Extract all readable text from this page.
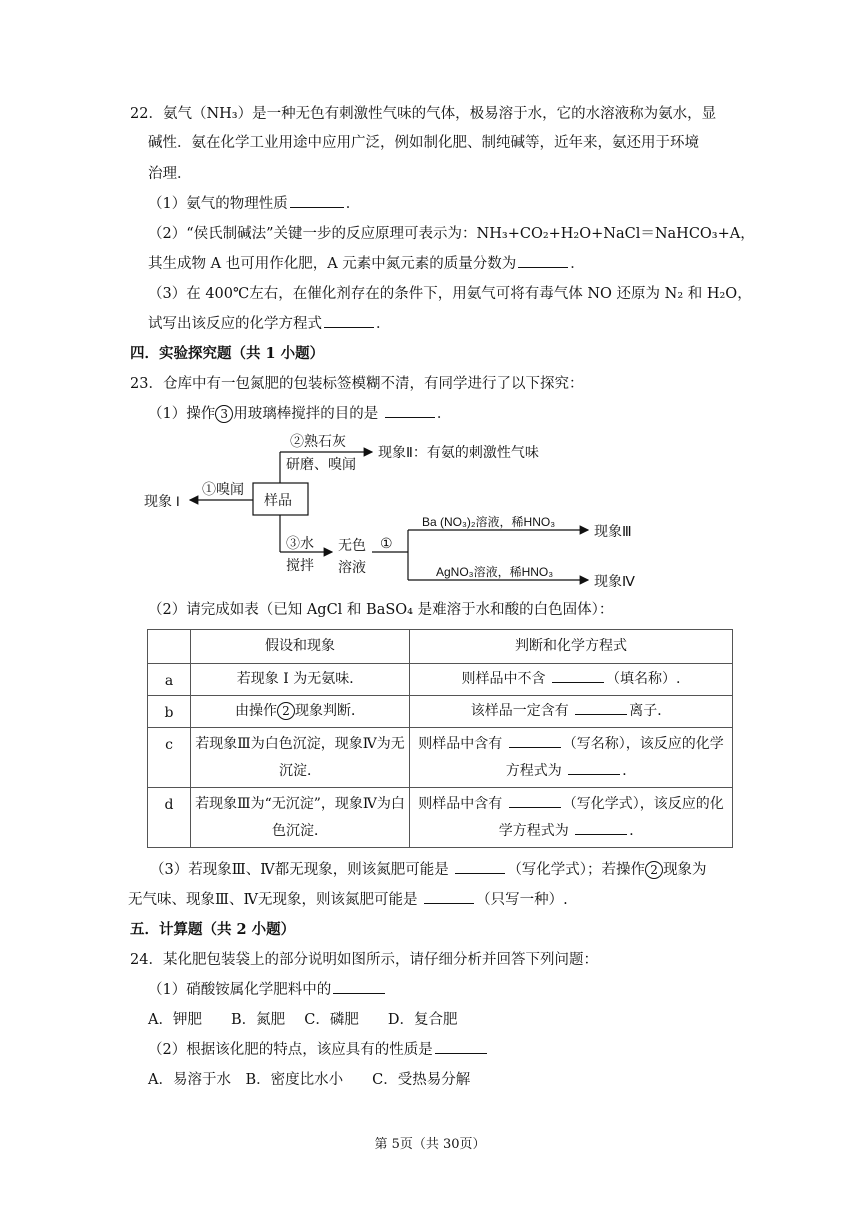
22．氨气（NH₃）是一种无色有刺激性气味的气体，极易溶于水，它的水溶液称为氨水，显
碱性．氨在化学工业用途中应用广泛，例如制化肥、制纯碱等，近年来，氨还用于环境
治理．
（1）氨气的物理性质	．
（2）“侯氏制碱法”关键一步的反应原理可表示为：NH₃+CO₂+H₂O+NaCl＝NaHCO₃+A，
其生成物 A 也可用作化肥，A 元素中氮元素的质量分数为	．
（3）在 400℃左右，在催化剂存在的条件下，用氨气可将有毒气体 NO 还原为 N₂ 和 H₂O，
试写出该反应的化学方程式	．
四．实验探究题（共 1 小题）
23．仓库中有一包氮肥的包装标签模糊不清，有同学进行了以下探究：
（1）操作 3 用玻璃棒搅拌的目的是	．
样品
②熟石灰
研磨、嗅闻
现象Ⅱ：有氨的刺激性气味
①嗅闻
现象 I
③水
搅拌
无色
溶液
①
Ba (NO₃)₂溶液，稀HNO₃
现象Ⅲ
AgNO₃溶液，稀HNO₃
现象Ⅳ
（2）请完成如表（已知 AgCl 和 BaSO₄ 是难溶于水和酸的白色固体）：
	假设和现象	判断和化学方程式
a	若现象 I 为无氨味．	则样品中不含 （填名称）.
b	由操作 2 现象判断．	该样品一定含有 离子．
c	若现象Ⅲ为白色沉淀，现象Ⅳ为无沉淀．	则样品中含有 （写名称），该反应的化学方程式为 ．
d	若现象Ⅲ为“无沉淀”，现象Ⅳ为白色沉淀．	则样品中含有 （写化学式），该反应的化学方程式为 ．
（3）若现象Ⅲ、Ⅳ都无现象，则该氮肥可能是	（写化学式）；若操作 2 现象为
无气味、现象Ⅲ、Ⅳ无现象，则该氮肥可能是	（只写一种）.
五．计算题（共 2 小题）
24．某化肥包装袋上的部分说明如图所示，请仔细分析并回答下列问题：
（1）硝酸铵属化学肥料中的
A．钾肥　　B．氮肥　 C．磷肥　　D．复合肥
（2）根据该化肥的特点，该应具有的性质是
A．易溶于水　B．密度比水小　　C．受热易分解
第 5页（共 30页）
